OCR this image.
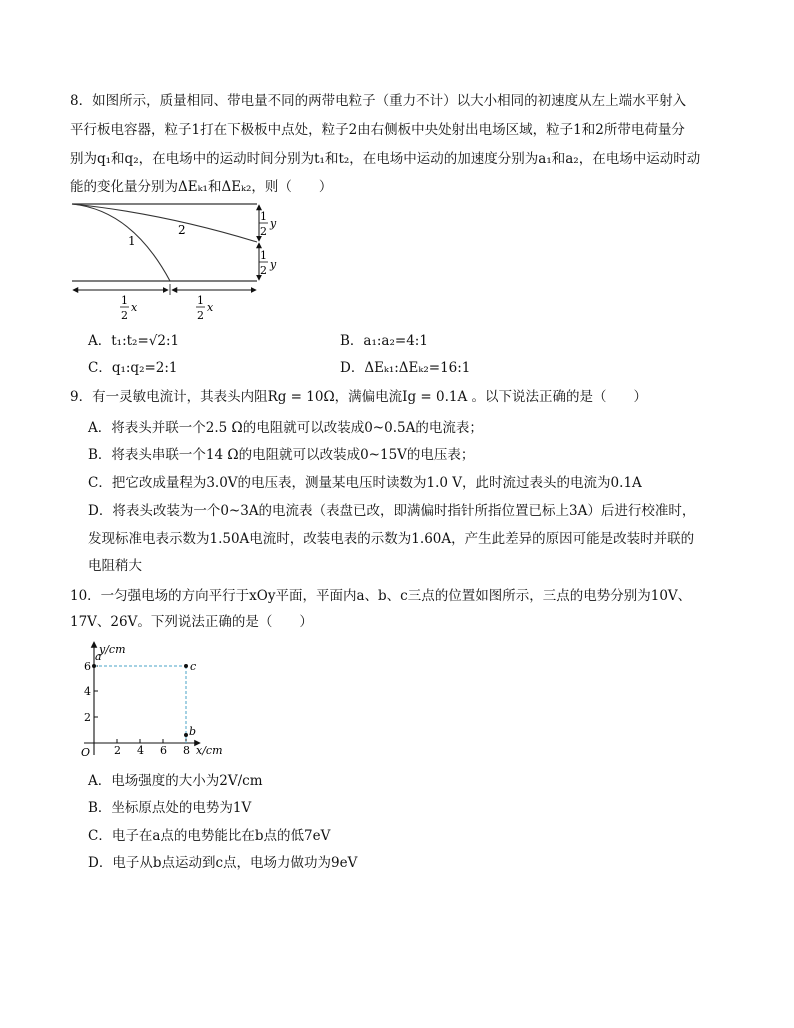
8．如图所示，质量相同、带电量不同的两带电粒子（重力不计）以大小相同的初速度从左上端水平射入
平行板电容器，粒子1打在下极板中点处，粒子2由右侧板中央处射出电场区域，粒子1和2所带电荷量分
别为q₁和q₂，在电场中的运动时间分别为t₁和t₂，在电场中运动的加速度分别为a₁和a₂，在电场中运动时动
能的变化量分别为ΔEₖ₁和ΔEₖ₂，则（　　）
1
2
1
2
y
1
2 y
1
2
x
1
2
x
A．t₁:t₂=√2:1	B．a₁:a₂=4:1
C．q₁:q₂=2:1	D．ΔEₖ₁:ΔEₖ₂=16:1
9．有一灵敏电流计，其表头内阻Rg = 10Ω，满偏电流Ig = 0.1A 。以下说法正确的是（　　）
A．将表头并联一个2.5 Ω的电阻就可以改装成0~0.5A的电流表；
B．将表头串联一个14 Ω的电阻就可以改装成0~15V的电压表；
C．把它改成量程为3.0V的电压表，测量某电压时读数为1.0 V，此时流过表头的电流为0.1A
D．将表头改装为一个0~3A的电流表（表盘已改，即满偏时指针所指位置已标上3A）后进行校准时，
发现标准电表示数为1.50A电流时，改装电表的示数为1.60A，产生此差异的原因可能是改装时并联的
电阻稍大
10．一匀强电场的方向平行于xOy平面，平面内a、b、c三点的位置如图所示，三点的电势分别为10V、
17V、26V。下列说法正确的是（　　）
y/cm
x/cm
O
2
4
6
2 4 6 8
a
c
b
A．电场强度的大小为2V/cm
B．坐标原点处的电势为1V
C．电子在a点的电势能比在b点的低7eV
D．电子从b点运动到c点，电场力做功为9eV
